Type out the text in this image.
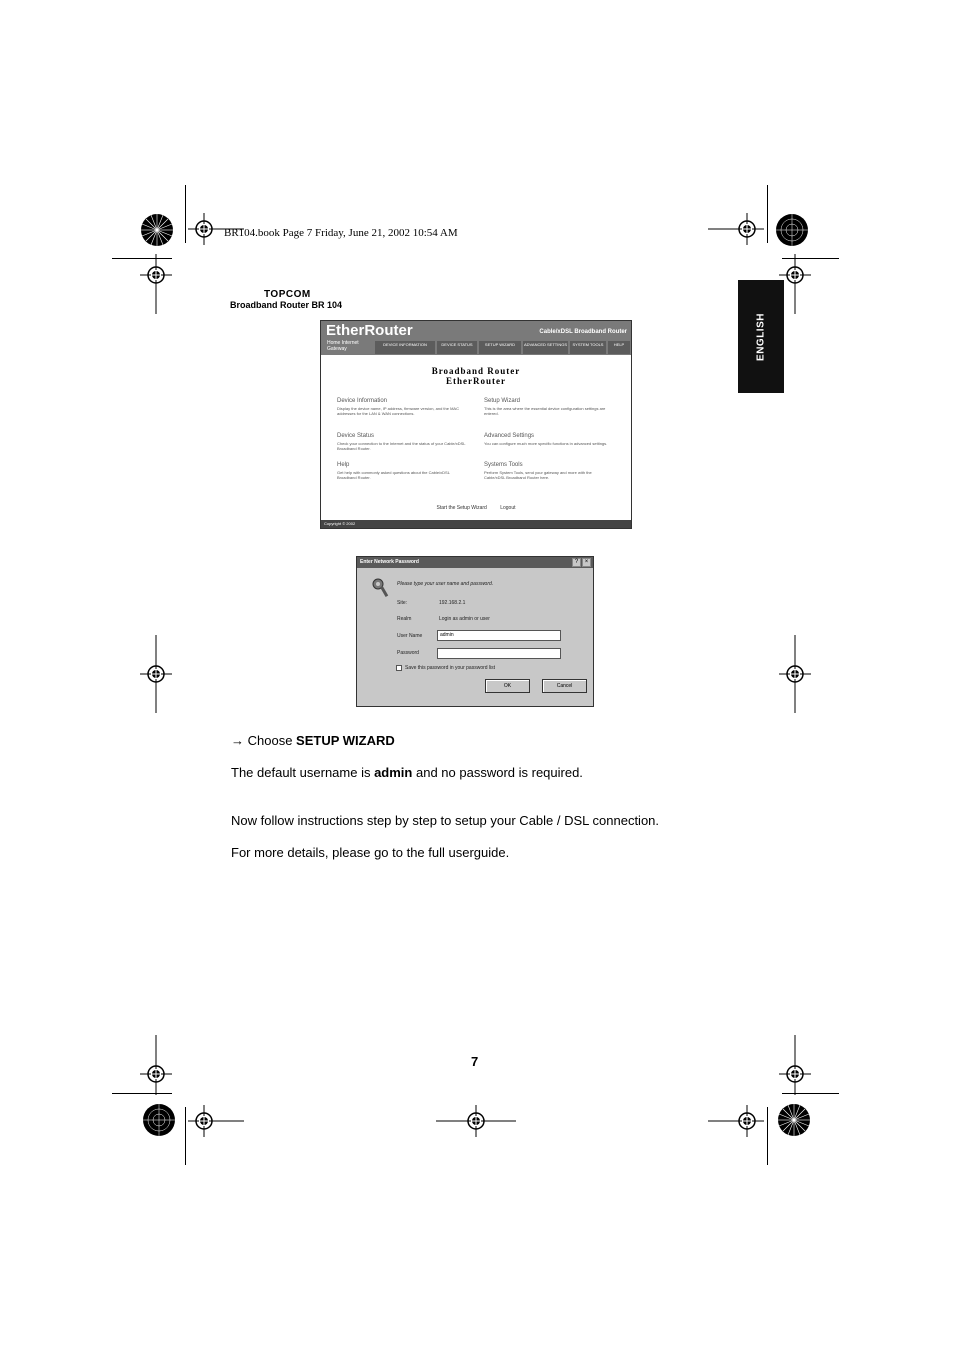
BR104.book Page 7 Friday, June 21, 2002 10:54 AM
TOPCOM
Broadband Router BR 104
ENGLISH
EtherRouter	Cable/xDSL Broadband Router
Home Internet Gateway
DEVICE INFORMATION	DEVICE STATUS	SETUP WIZARD	ADVANCED SETTINGS	SYSTEM TOOLS	HELP
Broadband Router
EtherRouter
Device Information
Display the device name, IP address, firmware version, and the MAC addresses for the LAN & WAN connections.
Setup Wizard
This is the area where the essential device configuration settings are entered.
Device Status
Check your connection to the Internet and the status of your Cable/xDSL Broadband Router.
Advanced Settings
You can configure much more specific functions in advanced settings.
Help
Get help with commonly asked questions about the Cable/xDSL Broadband Router.
Systems Tools
Perform System Tools, send your gateway and more with the Cable/xDSL Broadband Router here.
Start the Setup Wizard	Logout
Copyright © 2002
Enter Network Password	?	×
Please type your user name and password.
Site:	192.168.2.1
Realm	Login as admin or user
User Name	admin
Password
Save this password in your password list
OK	Cancel
→ Choose SETUP WIZARD
The default username is admin and no password is required.
Now follow instructions step by step to setup your Cable / DSL connection.
For more details, please go to the full userguide.
7
